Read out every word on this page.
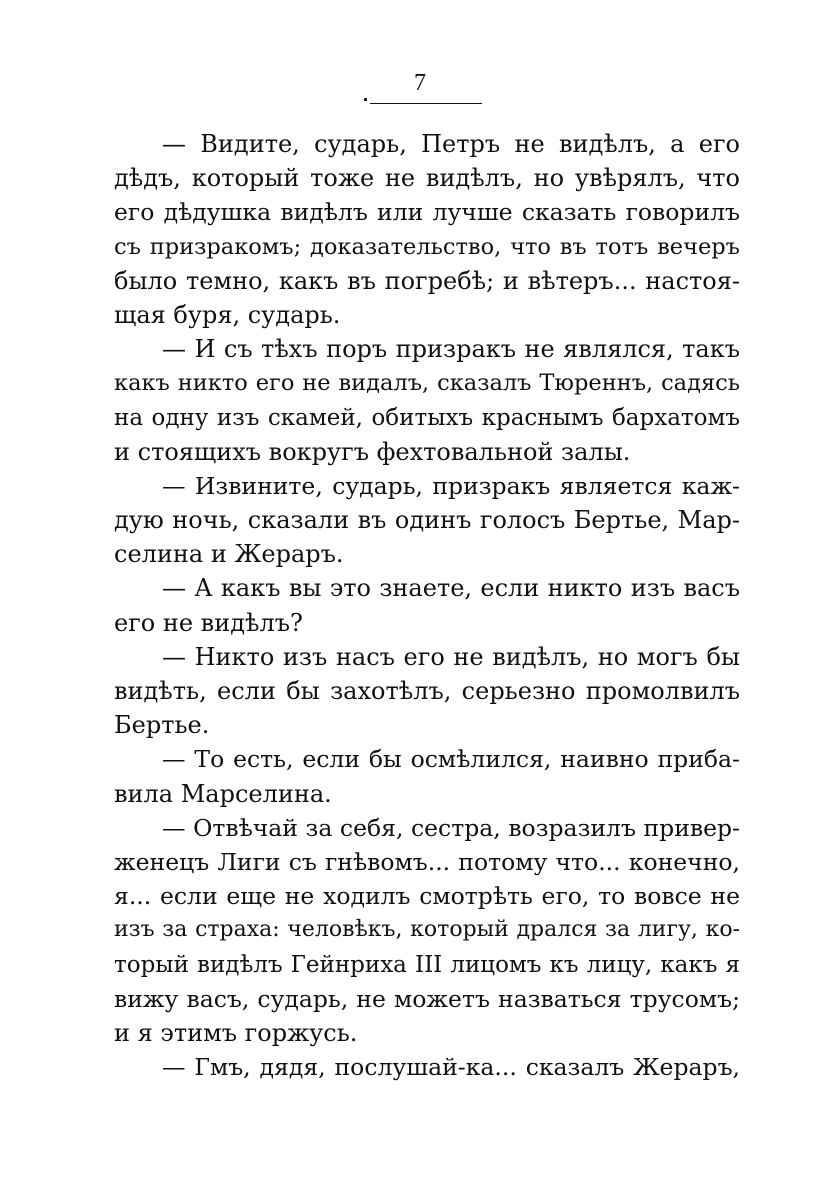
7
— Видите, сударь, Петръ не видѣлъ, а его
дѣдъ, который тоже не видѣлъ, но увѣрялъ, что
его дѣдушка видѣлъ или лучше сказать говорилъ
съ призракомъ; доказательство, что въ тотъ вечеръ
было темно, какъ въ погребѣ; и вѣтеръ... настоя-
щая буря, сударь.
— И съ тѣхъ поръ призракъ не являлся, такъ
какъ никто его не видалъ, сказалъ Тюреннъ, садясь
на одну изъ скамей, обитыхъ краснымъ бархатомъ
и стоящихъ вокругъ фехтовальной залы.
— Извините, сударь, призракъ является каж-
дую ночь, сказали въ одинъ голосъ Бертье, Мар-
селина и Жераръ.
— А какъ вы это знаете, если никто изъ васъ
его не видѣлъ?
— Никто изъ насъ его не видѣлъ, но могъ бы
видѣть, если бы захотѣлъ, серьезно промолвилъ
Бертье.
— То есть, если бы осмѣлился, наивно приба-
вила Марселина.
— Отвѣчай за себя, сестра, возразилъ привер-
женецъ Лиги съ гнѣвомъ... потому что... конечно,
я... если еще не ходилъ смотрѣть его, то вовсе не
изъ за страха: человѣкъ, который дрался за лигу, ко-
торый видѣлъ Гейнриха III лицомъ къ лицу, какъ я
вижу васъ, сударь, не можетъ назваться трусомъ;
и я этимъ горжусь.
— Гмъ, дядя, послушай-ка... сказалъ Жераръ,
